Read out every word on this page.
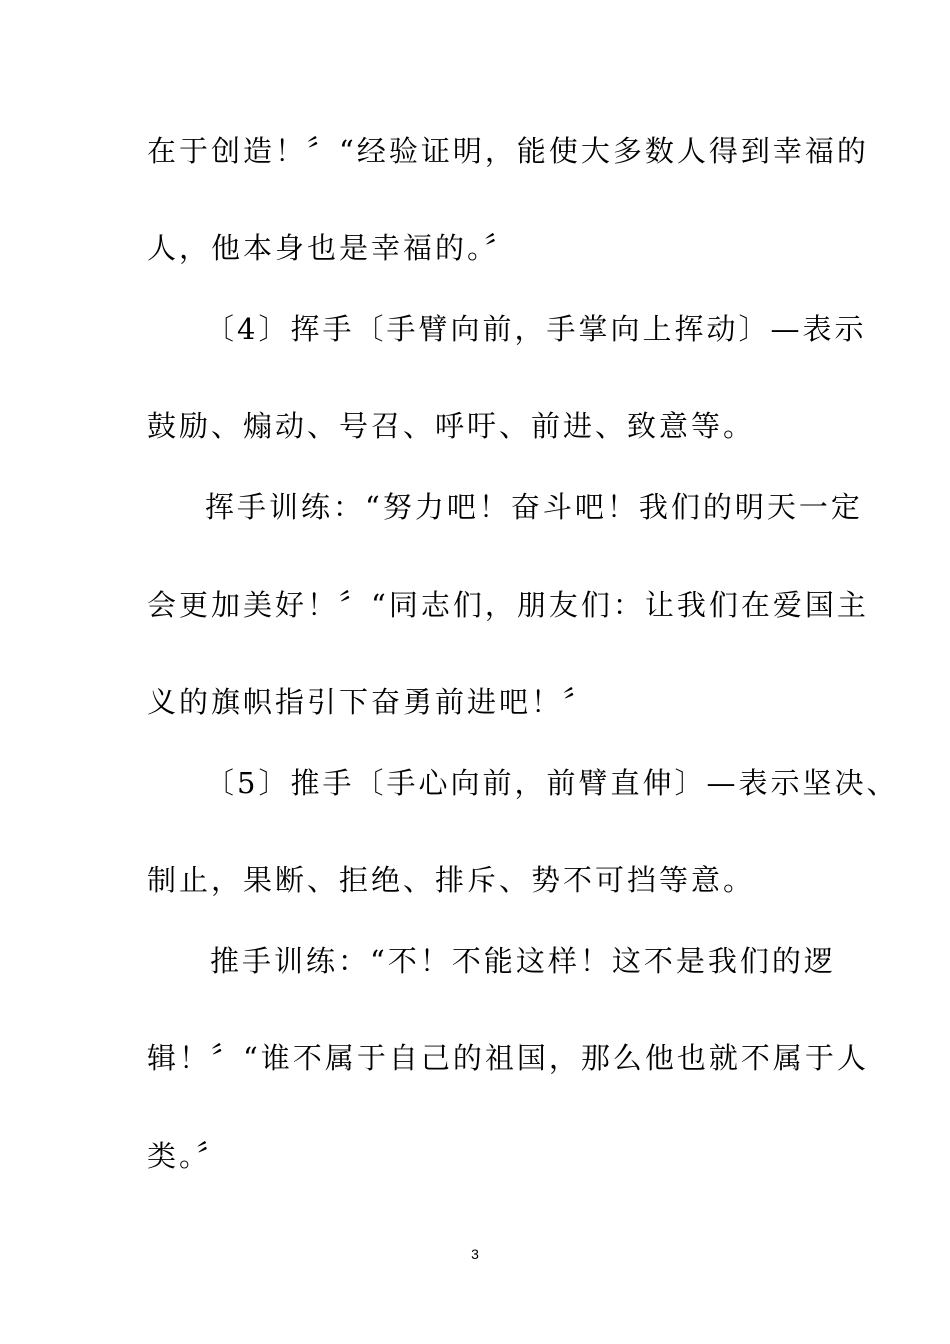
在于创造！〞“经验证明，能使大多数人得到幸福的
人，他本身也是幸福的。〞
〔4〕挥手〔手臂向前，手掌向上挥动〕—表示
鼓励、煽动、号召、呼吁、前进、致意等。
挥手训练：“努力吧！奋斗吧！我们的明天一定
会更加美好！〞“同志们，朋友们：让我们在爱国主
义的旗帜指引下奋勇前进吧！〞
〔5〕推手〔手心向前，前臂直伸〕—表示坚决、
制止，果断、拒绝、排斥、势不可挡等意。
推手训练：“不！不能这样！这不是我们的逻
辑！〞“谁不属于自己的祖国，那么他也就不属于人
类。〞
3
